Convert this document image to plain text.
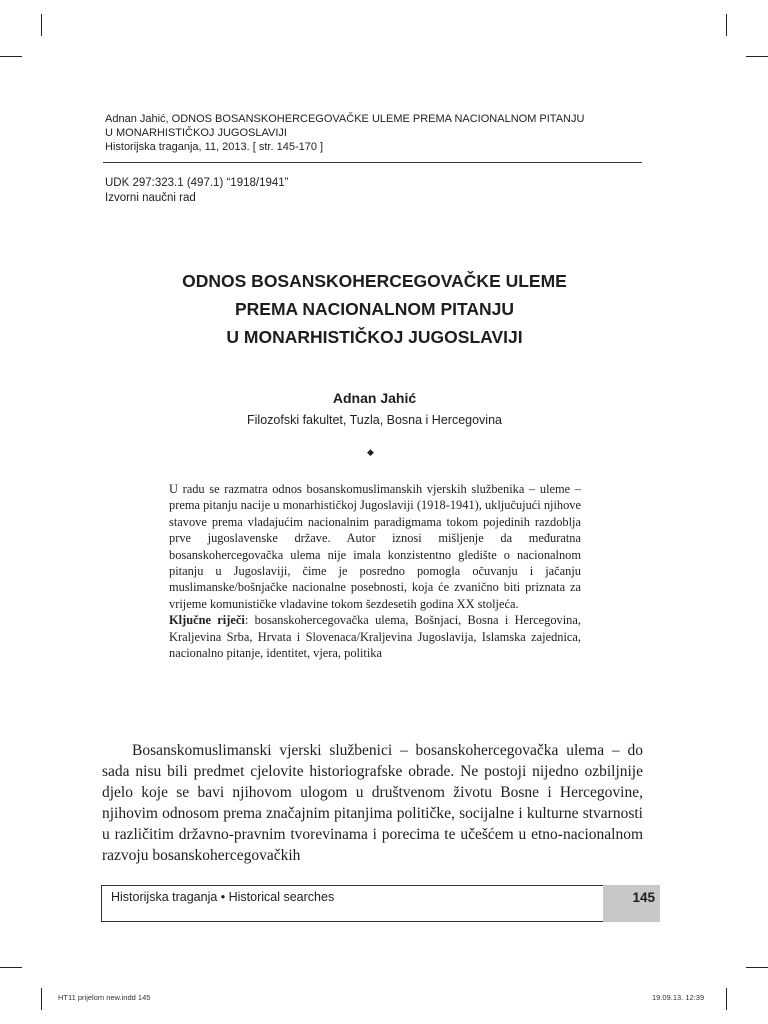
Adnan Jahić, ODNOS BOSANSKOHERCEGOVAČKE ULEME PREMA NACIONALNOM PITANJU
U MONARHISTIČKOJ JUGOSLAVIJI
Historijska traganja, 11, 2013. [ str. 145-170 ]
UDK 297:323.1 (497.1) “1918/1941”
Izvorni naučni rad
ODNOS BOSANSKOHERCEGOVAČKE ULEME
PREMA NACIONALNOM PITANJU
U MONARHISTIČKOJ JUGOSLAVIJI
Adnan Jahić
Filozofski fakultet, Tuzla, Bosna i Hercegovina
◆

U radu se razmatra odnos bosanskomuslimanskih vjerskih službenika – uleme – prema pitanju nacije u monarhističkoj Jugoslaviji (1918-1941), uključujući njihove stavove prema vladajućim nacionalnim paradigmama tokom pojedinih razdoblja prve jugoslavenske države. Autor iznosi mišljenje da međuratna bosanskohercegovačka ulema nije imala konzistentno gledište o nacionalnom pitanju u Jugoslaviji, čime je posredno pomogla očuvanju i jačanju muslimanske/bošnjačke nacionalne posebnosti, koja će zvanično biti priznata za vrijeme komunističke vladavine tokom šezdesetih godina XX stoljeća.

Ključne riječi: bosanskohercegovačka ulema, Bošnjaci, Bosna i Hercegovina, Kraljevina Srba, Hrvata i Slovenaca/Kraljevina Jugoslavija, Islamska zajednica, nacionalno pitanje, identitet, vjera, politika

Bosanskomuslimanski vjerski službenici – bosanskohercegovačka ulema – do sada nisu bili predmet cjelovite historiografske obrade. Ne postoji nijedno ozbiljnije djelo koje se bavi njihovom ulogom u društvenom životu Bosne i Hercegovine, njihovim odnosom prema značajnim pitanjima političke, socijalne i kulturne stvarnosti u različitim državno-pravnim tvorevinama i porecima te učešćem u etno-nacionalnom razvoju bosanskohercegovačkih

Historijska traganja • Historical searches	145
HT11 prijelom new.indd 145	19.09.13. 12:39
